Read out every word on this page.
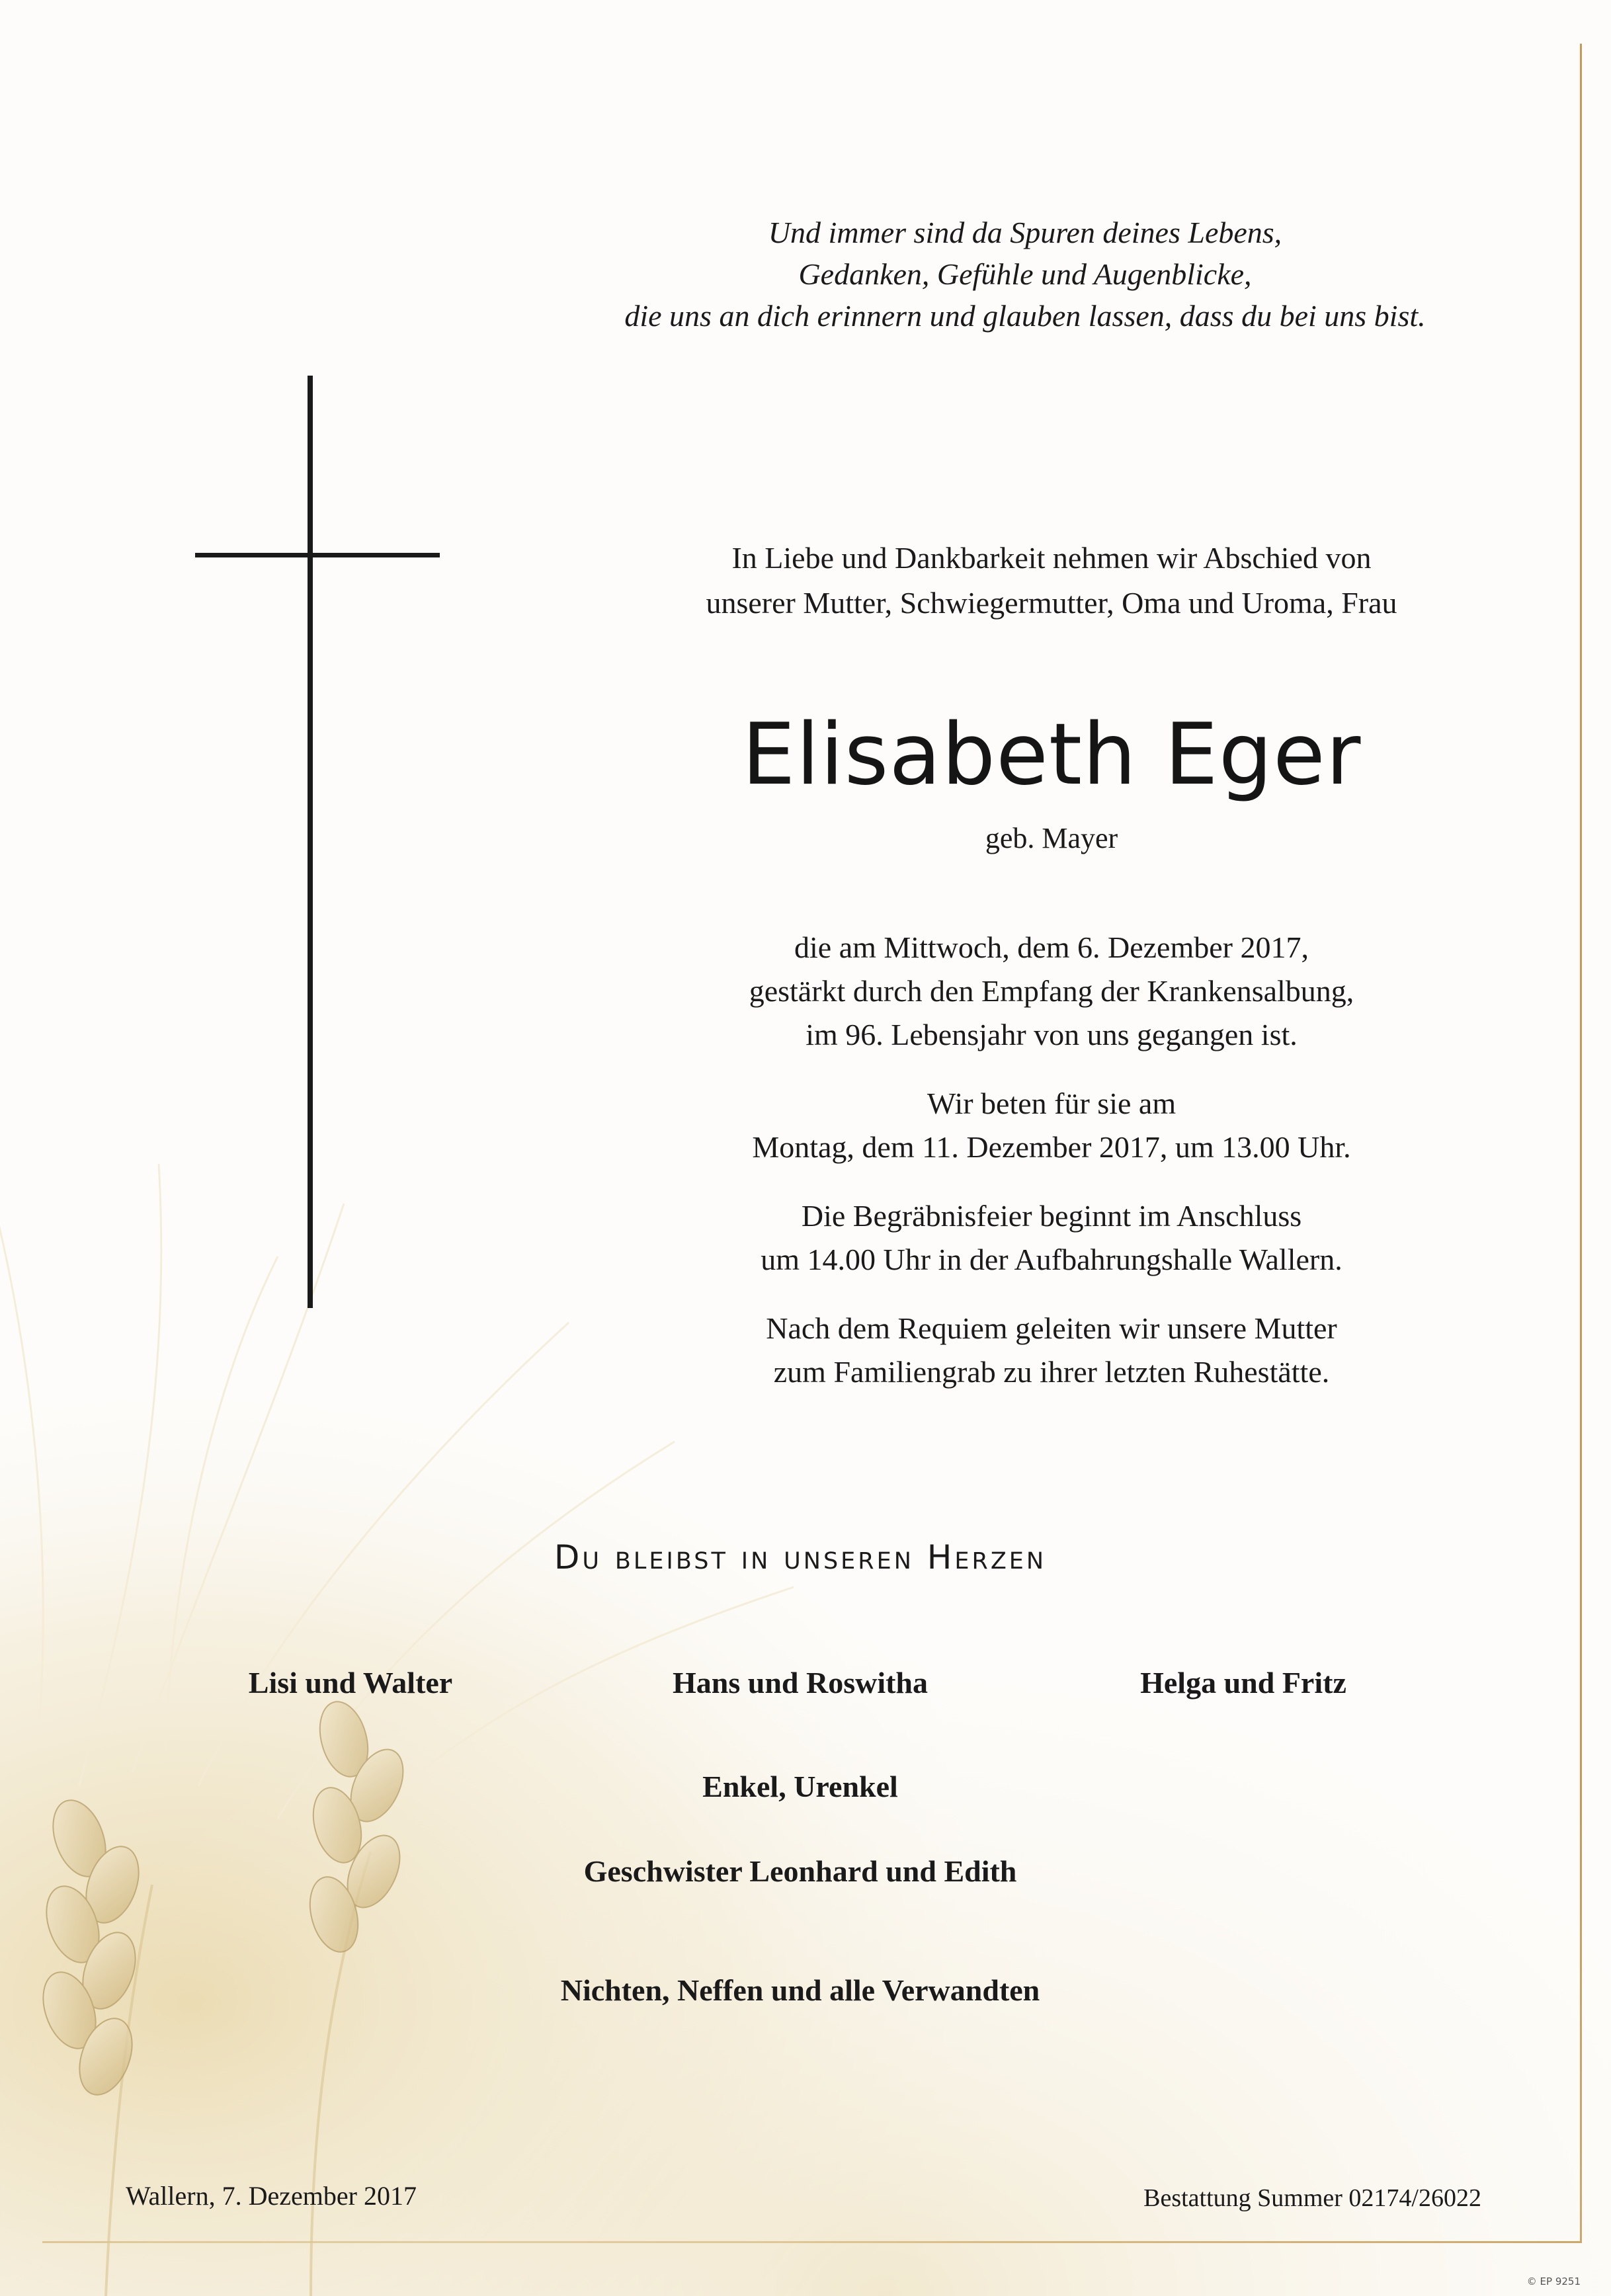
Und immer sind da Spuren deines Lebens,
Gedanken, Gefühle und Augenblicke,
die uns an dich erinnern und glauben lassen, dass du bei uns bist.
In Liebe und Dankbarkeit nehmen wir Abschied von
unserer Mutter, Schwiegermutter, Oma und Uroma, Frau
Elisabeth Eger
geb. Mayer
die am Mittwoch, dem 6. Dezember 2017,
gestärkt durch den Empfang der Krankensalbung,
im 96. Lebensjahr von uns gegangen ist.
Wir beten für sie am
Montag, dem 11. Dezember 2017, um 13.00 Uhr.
Die Begräbnisfeier beginnt im Anschluss
um 14.00 Uhr in der Aufbahrungshalle Wallern.
Nach dem Requiem geleiten wir unsere Mutter
zum Familiengrab zu ihrer letzten Ruhestätte.
Du bleibst in unseren Herzen
Lisi und Walter	Hans und Roswitha	Helga und Fritz
Enkel, Urenkel
Geschwister Leonhard und Edith
Nichten, Neffen und alle Verwandten
Wallern, 7. Dezember 2017	Bestattung Summer 02174/26022
© EP 9251
